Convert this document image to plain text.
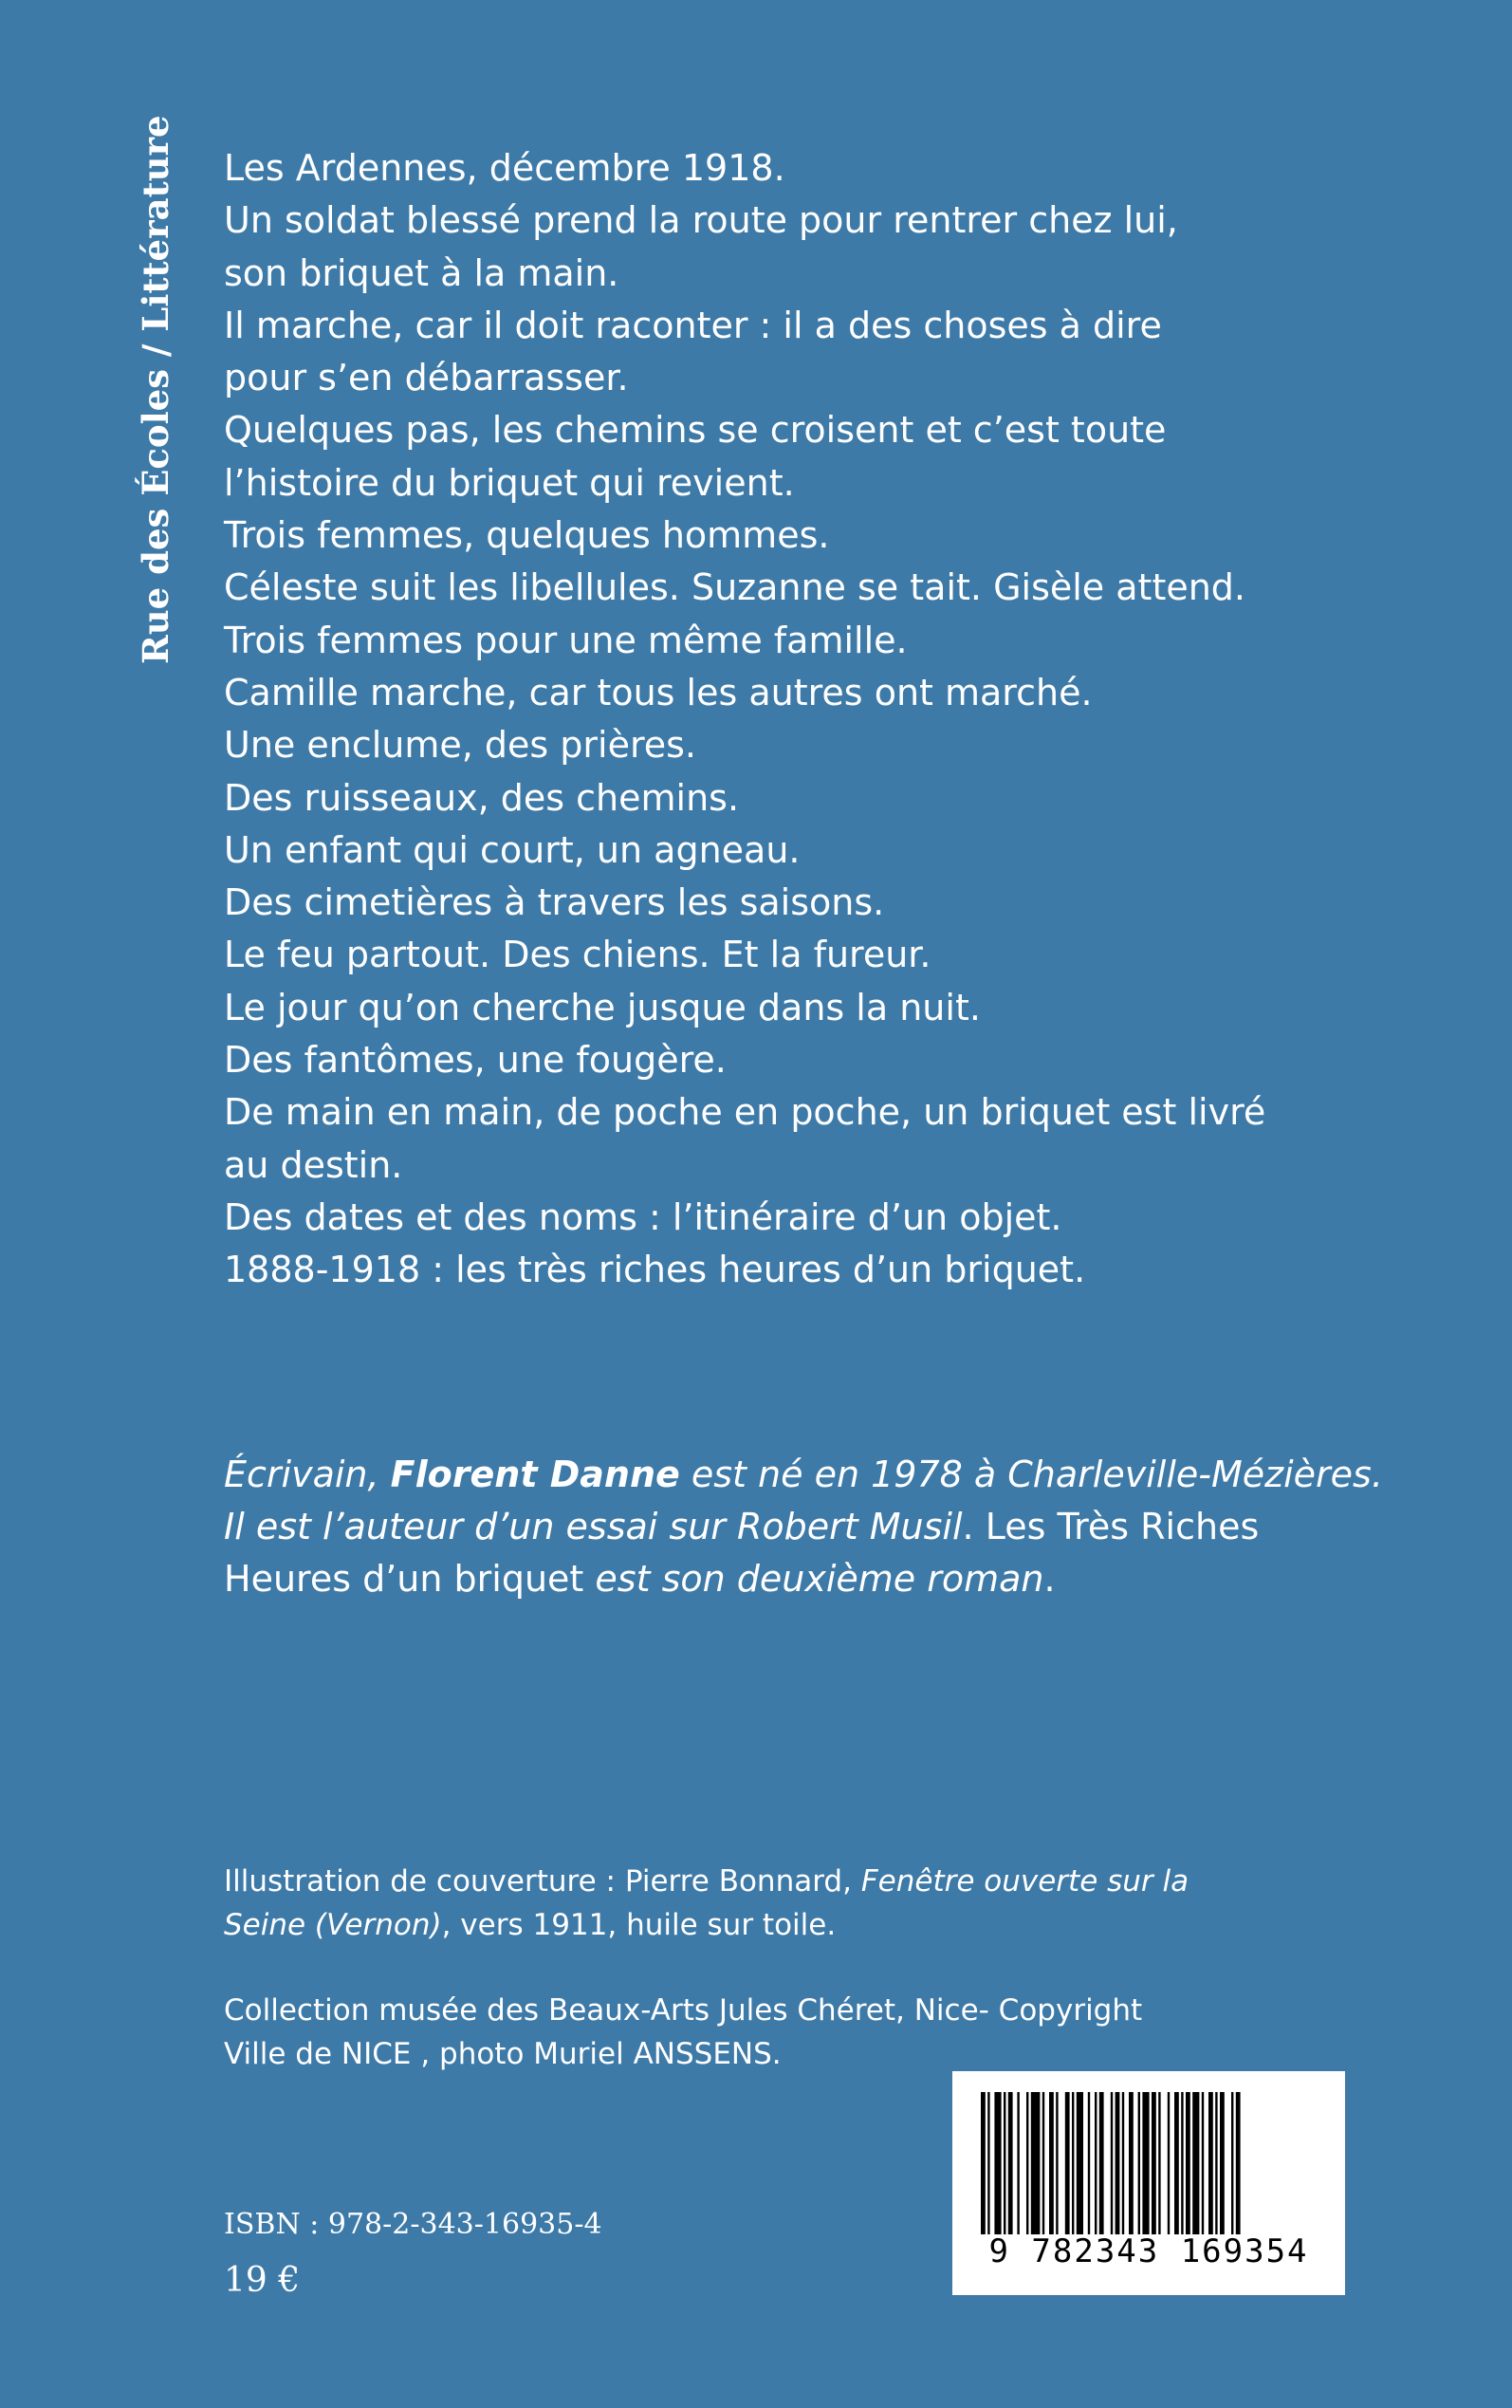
Rue des Écoles / Littérature Les Ardennes, décembre 1918.
Un soldat blessé prend la route pour rentrer chez lui,
son briquet à la main.
Il marche, car il doit raconter : il a des choses à dire
pour s’en débarrasser.
Quelques pas, les chemins se croisent et c’est toute
l’histoire du briquet qui revient.
Trois femmes, quelques hommes.
Céleste suit les libellules. Suzanne se tait. Gisèle attend.
Trois femmes pour une même famille.
Camille marche, car tous les autres ont marché.
Une enclume, des prières.
Des ruisseaux, des chemins.
Un enfant qui court, un agneau.
Des cimetières à travers les saisons.
Le feu partout. Des chiens. Et la fureur.
Le jour qu’on cherche jusque dans la nuit.
Des fantômes, une fougère.
De main en main, de poche en poche, un briquet est livré
au destin.
Des dates et des noms : l’itinéraire d’un objet.
1888-1918 : les très riches heures d’un briquet.
Écrivain, Florent Danne est né en 1978 à Charleville-Mézières.
Il est l’auteur d’un essai sur Robert Musil. Les Très Riches
Heures d’un briquet est son deuxième roman.
Illustration de couverture : Pierre Bonnard, Fenêtre ouverte sur la
Seine (Vernon), vers 1911, huile sur toile.
Collection musée des Beaux-Arts Jules Chéret, Nice- Copyright
Ville de NICE , photo Muriel ANSSENS.
ISBN : 978-2-343-16935-4
19 €
9 782343 169354
